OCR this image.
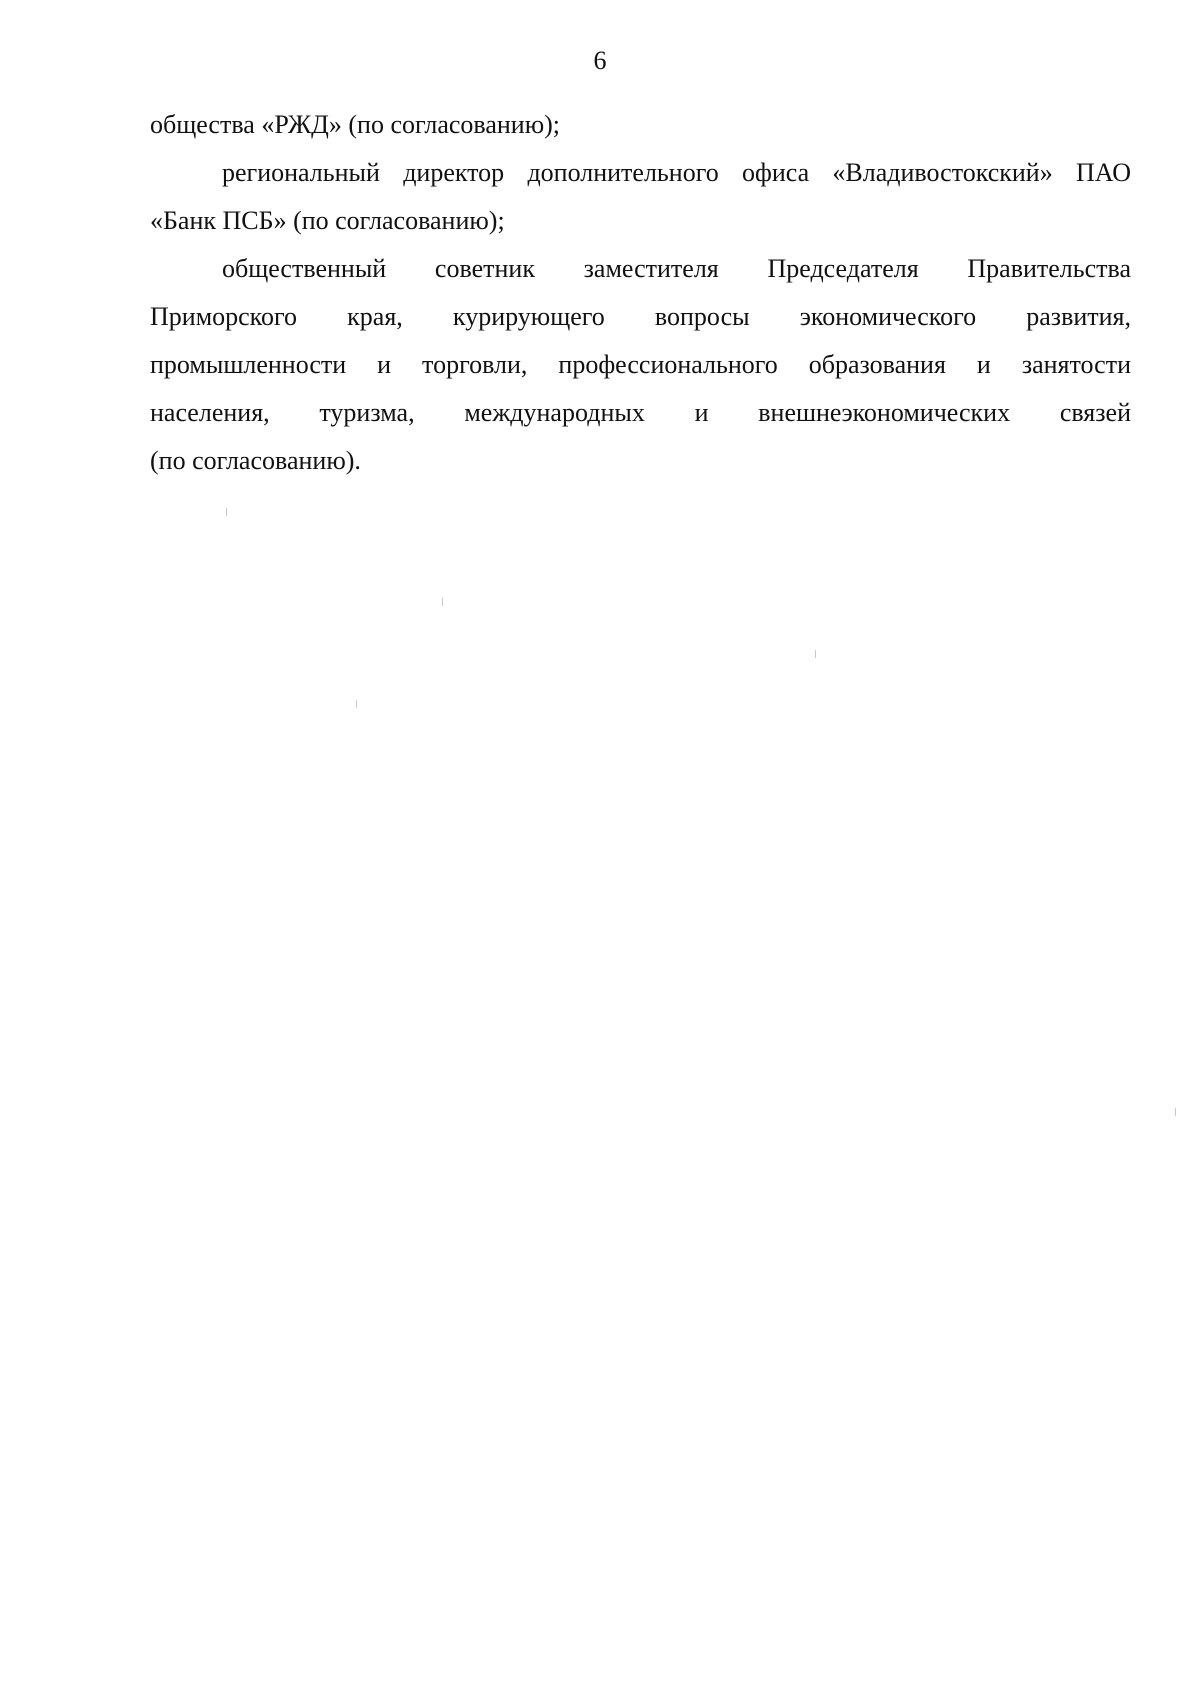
6

общества «РЖД» (по согласованию);

региональный директор дополнительного офиса «Владивостокский» ПАО
«Банк ПСБ» (по согласованию);

общественный советник заместителя Председателя Правительства
Приморского края, курирующего вопросы экономического развития,
промышленности и торговли, профессионального образования и занятости
населения, туризма, международных и внешнеэкономических связей
(по согласованию).
